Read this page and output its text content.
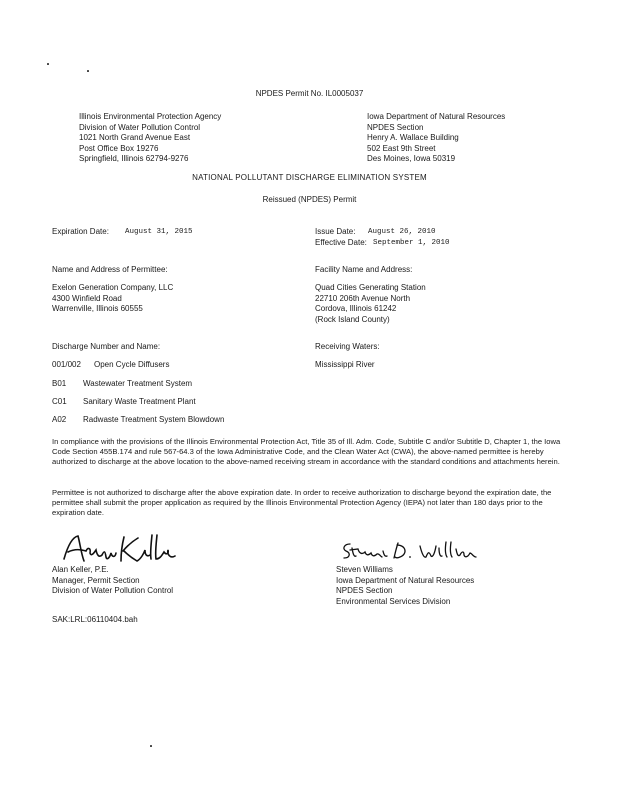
NPDES Permit No. IL0005037
Illinois Environmental Protection Agency
Division of Water Pollution Control
1021 North Grand Avenue East
Post Office Box 19276
Springfield, Illinois 62794-9276
Iowa Department of Natural Resources
NPDES Section
Henry A. Wallace Building
502 East 9th Street
Des Moines, Iowa 50319
NATIONAL POLLUTANT DISCHARGE ELIMINATION SYSTEM
Reissued (NPDES) Permit
Expiration Date: August 31, 2015	Issue Date: August 26, 2010
Effective Date: September 1, 2010
Name and Address of Permittee:
Exelon Generation Company, LLC
4300 Winfield Road
Warrenville, Illinois 60555
Facility Name and Address:
Quad Cities Generating Station
22710 206th Avenue North
Cordova, Illinois 61242
(Rock Island County)
Discharge Number and Name:
001/002 Open Cycle Diffusers
B01 Wastewater Treatment System
C01 Sanitary Waste Treatment Plant
A02 Radwaste Treatment System Blowdown
Receiving Waters:
Mississippi River
In compliance with the provisions of the Illinois Environmental Protection Act, Title 35 of Ill. Adm. Code, Subtitle C and/or Subtitle D, Chapter 1, the Iowa Code Section 455B.174 and rule 567-64.3 of the Iowa Administrative Code, and the Clean Water Act (CWA), the above-named permittee is hereby authorized to discharge at the above location to the above-named receiving stream in accordance with the standard conditions and attachments herein.
Permittee is not authorized to discharge after the above expiration date. In order to receive authorization to discharge beyond the expiration date, the permittee shall submit the proper application as required by the Illinois Environmental Protection Agency (IEPA) not later than 180 days prior to the expiration date.
Alan Keller, P.E.
Manager, Permit Section
Division of Water Pollution Control
Steven Williams
Iowa Department of Natural Resources
NPDES Section
Environmental Services Division
SAK:LRL:06110404.bah
